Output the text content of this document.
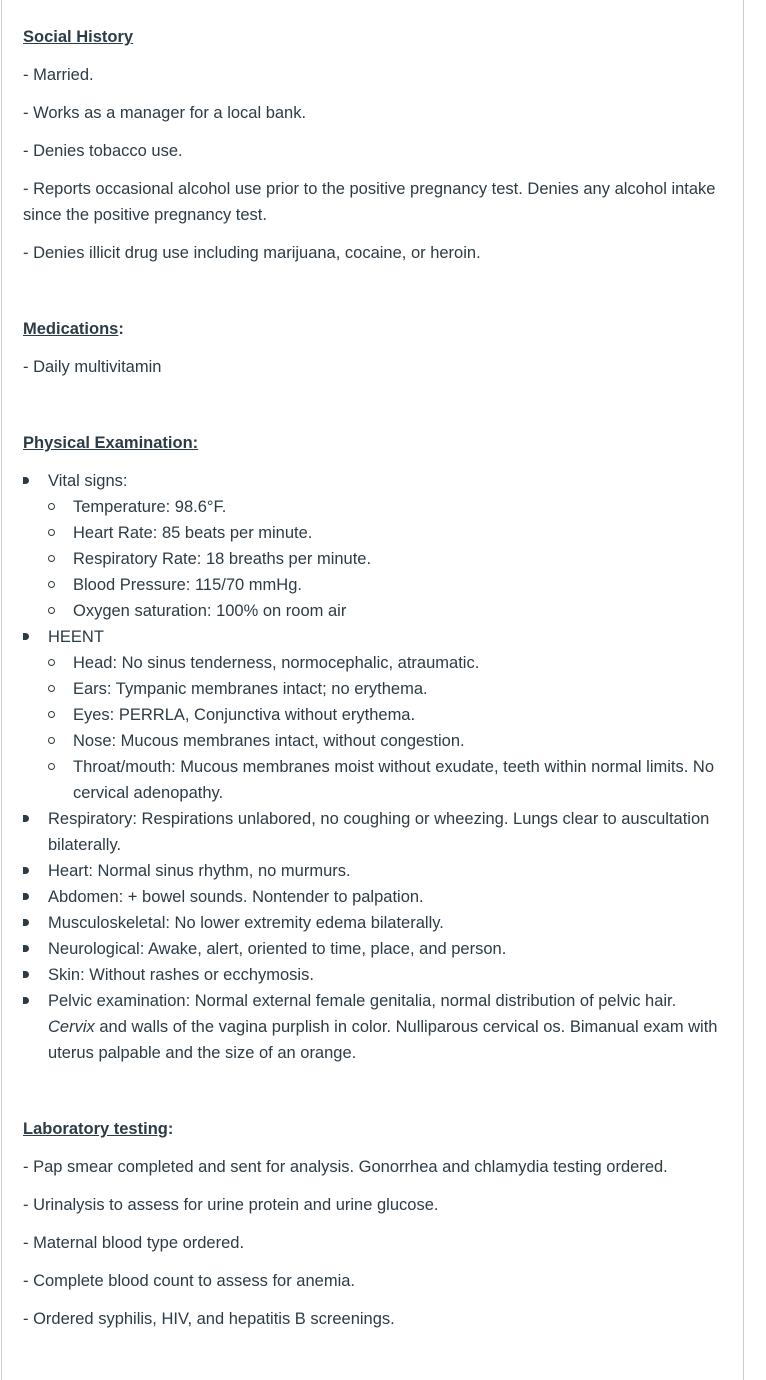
Social History

- Married.

- Works as a manager for a local bank.

- Denies tobacco use.

- Reports occasional alcohol use prior to the positive pregnancy test. Denies any alcohol intake since the positive pregnancy test.

- Denies illicit drug use including marijuana, cocaine, or heroin.

Medications:

- Daily multivitamin

Physical Examination:
Vital signs:
Temperature: 98.6°F.
Heart Rate: 85 beats per minute.
Respiratory Rate: 18 breaths per minute.
Blood Pressure: 115/70 mmHg.
Oxygen saturation: 100% on room air
HEENT
Head: No sinus tenderness, normocephalic, atraumatic.
Ears: Tympanic membranes intact; no erythema.
Eyes: PERRLA, Conjunctiva without erythema.
Nose: Mucous membranes intact, without congestion.
Throat/mouth: Mucous membranes moist without exudate, teeth within normal limits. No cervical adenopathy.
Respiratory: Respirations unlabored, no coughing or wheezing. Lungs clear to auscultation bilaterally.
Heart: Normal sinus rhythm, no murmurs.
Abdomen: + bowel sounds. Nontender to palpation.
Musculoskeletal: No lower extremity edema bilaterally.
Neurological: Awake, alert, oriented to time, place, and person.
Skin: Without rashes or ecchymosis.
Pelvic examination: Normal external female genitalia, normal distribution of pelvic hair. Cervix and walls of the vagina purplish in color. Nulliparous cervical os. Bimanual exam with uterus palpable and the size of an orange.
Laboratory testing:

- Pap smear completed and sent for analysis. Gonorrhea and chlamydia testing ordered.

- Urinalysis to assess for urine protein and urine glucose.

- Maternal blood type ordered.

- Complete blood count to assess for anemia.

- Ordered syphilis, HIV, and hepatitis B screenings.
